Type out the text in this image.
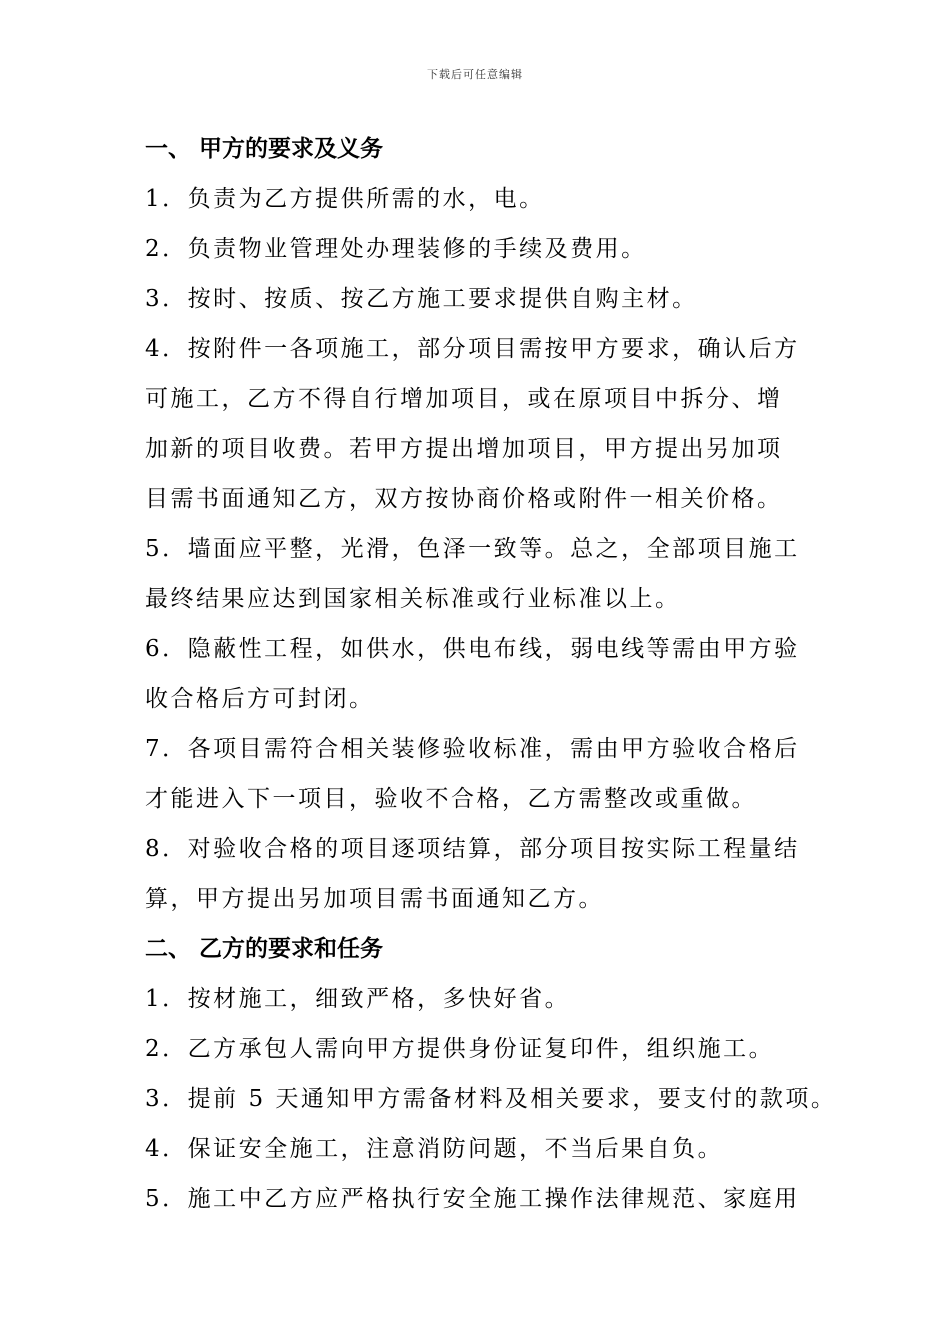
下载后可任意编辑
一、 甲方的要求及义务
1．负责为乙方提供所需的水，电。
2．负责物业管理处办理装修的手续及费用。
3．按时、按质、按乙方施工要求提供自购主材。
4．按附件一各项施工，部分项目需按甲方要求，确认后方
可施工，乙方不得自行增加项目，或在原项目中拆分、增
加新的项目收费。若甲方提出增加项目，甲方提出另加项
目需书面通知乙方，双方按协商价格或附件一相关价格。
5．墙面应平整，光滑，色泽一致等。总之，全部项目施工
最终结果应达到国家相关标准或行业标准以上。
6．隐蔽性工程，如供水，供电布线，弱电线等需由甲方验
收合格后方可封闭。
7．各项目需符合相关装修验收标准，需由甲方验收合格后
才能进入下一项目，验收不合格，乙方需整改或重做。
8．对验收合格的项目逐项结算，部分项目按实际工程量结
算，甲方提出另加项目需书面通知乙方。
二、 乙方的要求和任务
1．按材施工，细致严格，多快好省。
2．乙方承包人需向甲方提供身份证复印件，组织施工。
3．提前 5 天通知甲方需备材料及相关要求，要支付的款项。
4．保证安全施工，注意消防问题，不当后果自负。
5．施工中乙方应严格执行安全施工操作法律规范、家庭用
